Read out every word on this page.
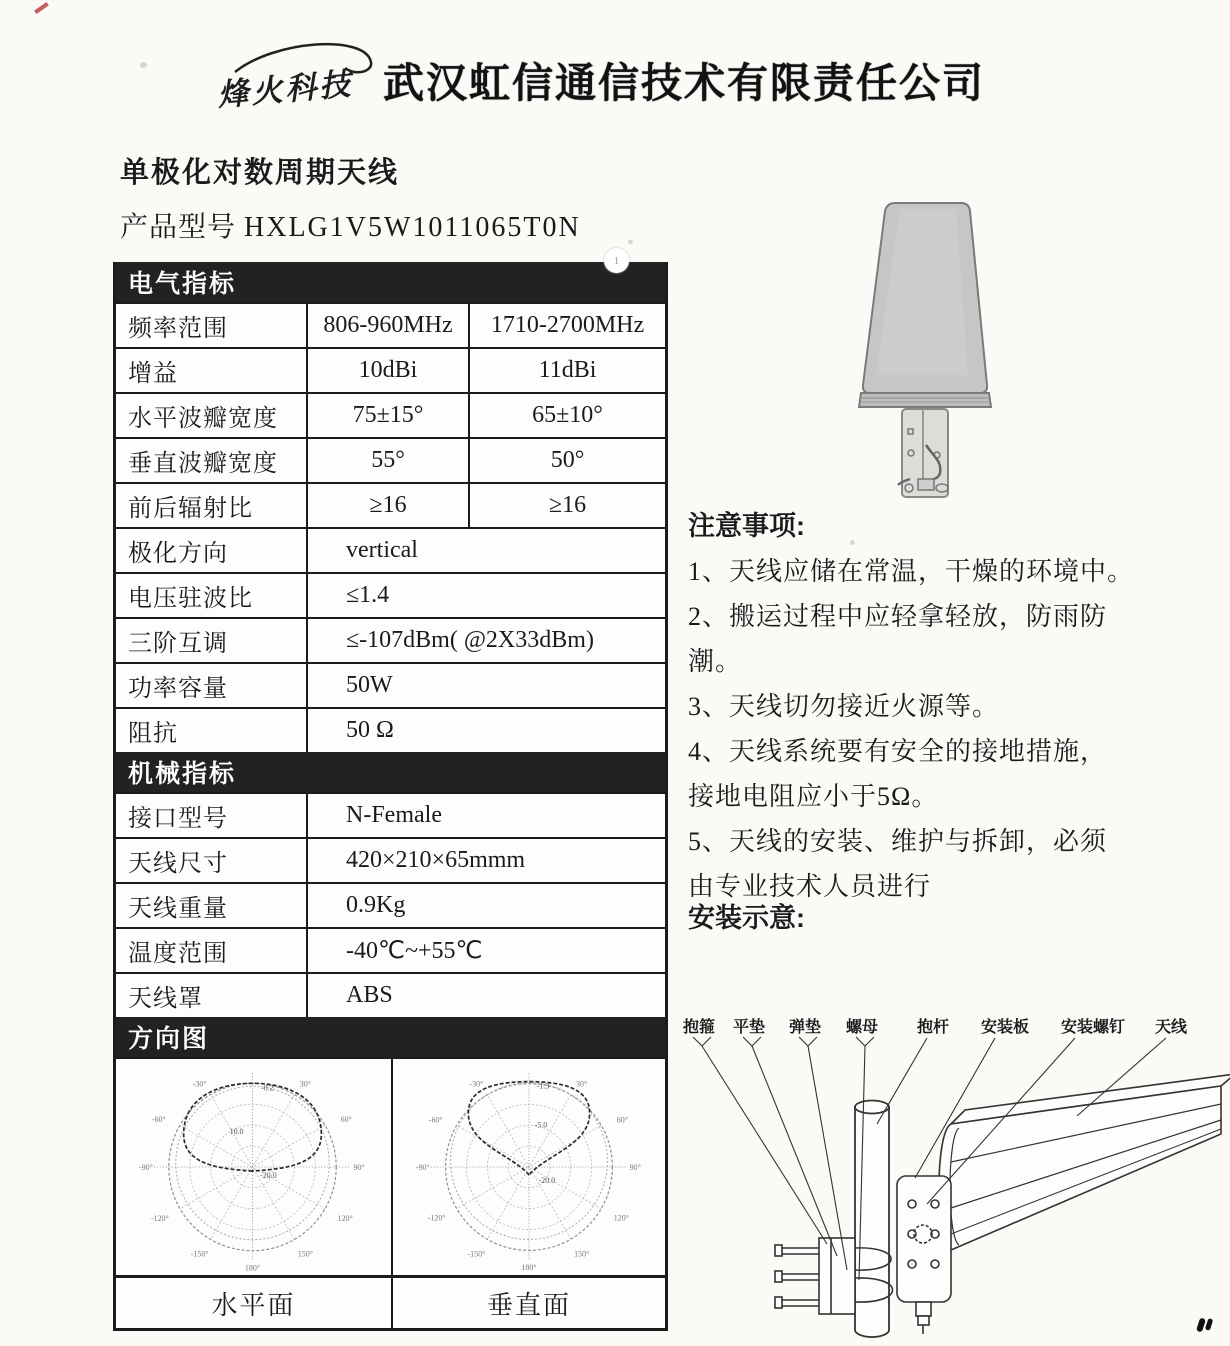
烽火科技 武汉虹信通信技术有限责任公司
单极化对数周期天线
产品型号 HXLG1V5W1011065T0N
电气指标
频率范围	806-960MHz	1710-2700MHz
增益	10dBi	11dBi
水平波瓣宽度	75±15°	65±10°
垂直波瓣宽度	55°	50°
前后辐射比	≥16	≥16
极化方向	vertical
电压驻波比	≤1.4
三阶互调	≤-107dBm( @2X33dBm)
功率容量	50W
阻抗	50 Ω
机械指标
接口型号	N-Female
天线尺寸	420×210×65mmm
天线重量	0.9Kg
温度范围	-40℃~+55℃
天线罩	ABS
方向图
-30°	30°
-60°	60°
-90°	90°
-120°	120°
-150°	150°
180°
-0.2
10.0
-20.0
-30°	30°
-60°	60°
-90°	90°
-120°	120°
-150°	150°
180°
-1.3
-5.0
-20.0
水平面	垂直面
注意事项:
1、天线应储在常温，干燥的环境中。
2、搬运过程中应轻拿轻放，防雨防
潮。
3、天线切勿接近火源等。
4、天线系统要有安全的接地措施，
接地电阻应小于5Ω。
5、天线的安装、维护与拆卸，必须
由专业技术人员进行
安装示意:
抱箍 平垫 弹垫 螺母 抱杆 安装板 安装螺钉 天线
1
